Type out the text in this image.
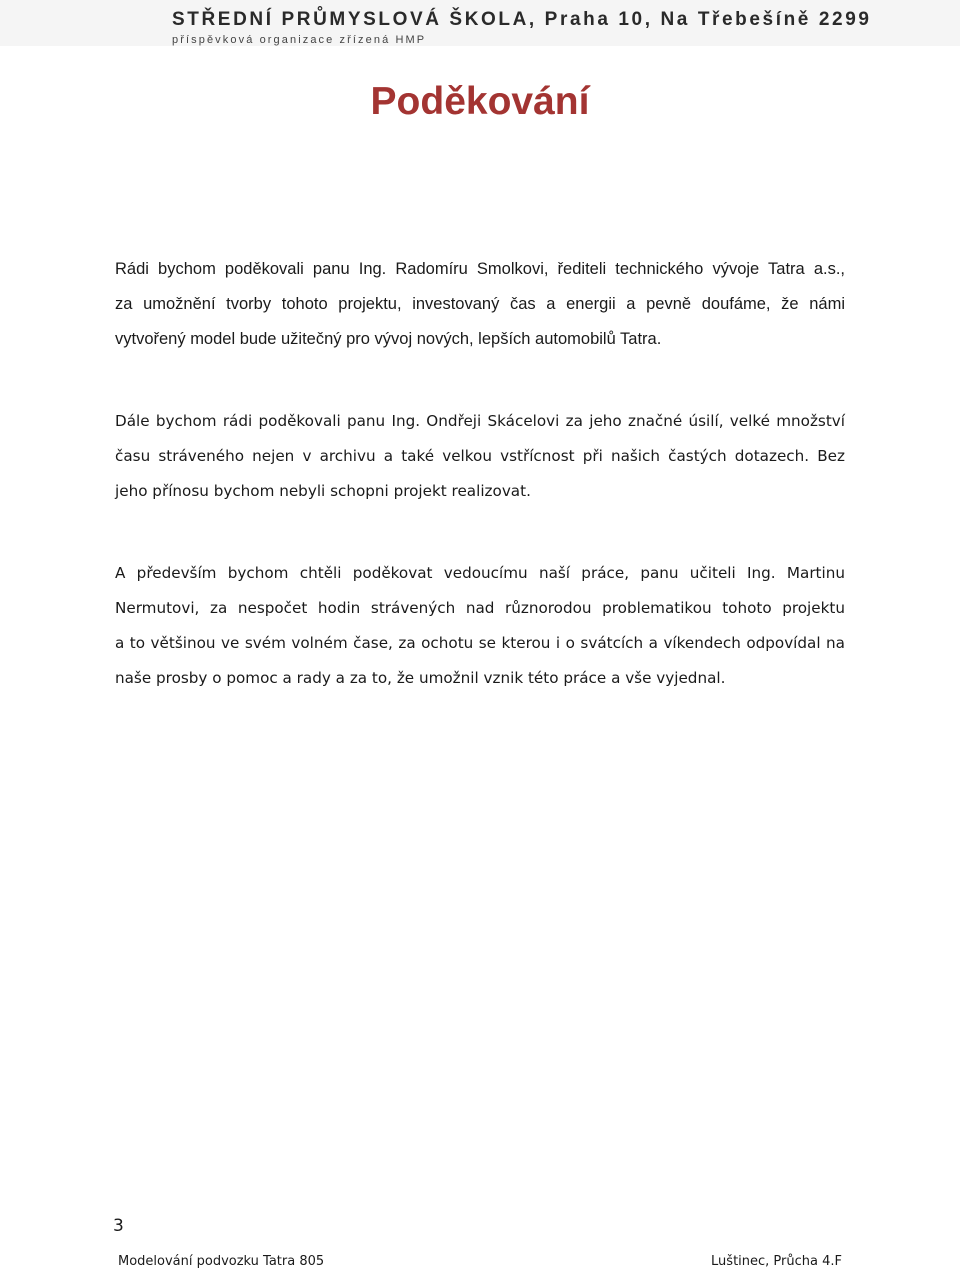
STŘEDNÍ PRŮMYSLOVÁ ŠKOLA, Praha 10, Na Třebešíně 2299
příspěvková organizace zřízená HMP
Poděkování

Rádi bychom poděkovali panu Ing. Radomíru Smolkovi, řediteli technického vývoje Tatra a.s.,
za umožnění tvorby tohoto projektu, investovaný čas a energii a pevně doufáme, že námi
vytvořený model bude užitečný pro vývoj nových, lepších automobilů Tatra.

Dále bychom rádi poděkovali panu Ing. Ondřeji Skácelovi za jeho značné úsilí, velké množství
času stráveného nejen v archivu a také velkou vstřícnost při našich častých dotazech. Bez
jeho přínosu bychom nebyli schopni projekt realizovat.

A především bychom chtěli poděkovat vedoucímu naší práce, panu učiteli Ing. Martinu
Nermutovi, za nespočet hodin strávených nad různorodou problematikou tohoto projektu
a to většinou ve svém volném čase, za ochotu se kterou i o svátcích a víkendech odpovídal na
naše prosby o pomoc a rady a za to, že umožnil vznik této práce a vše vyjednal.

3
Modelování podvozku Tatra 805	Luštinec, Průcha 4.F
